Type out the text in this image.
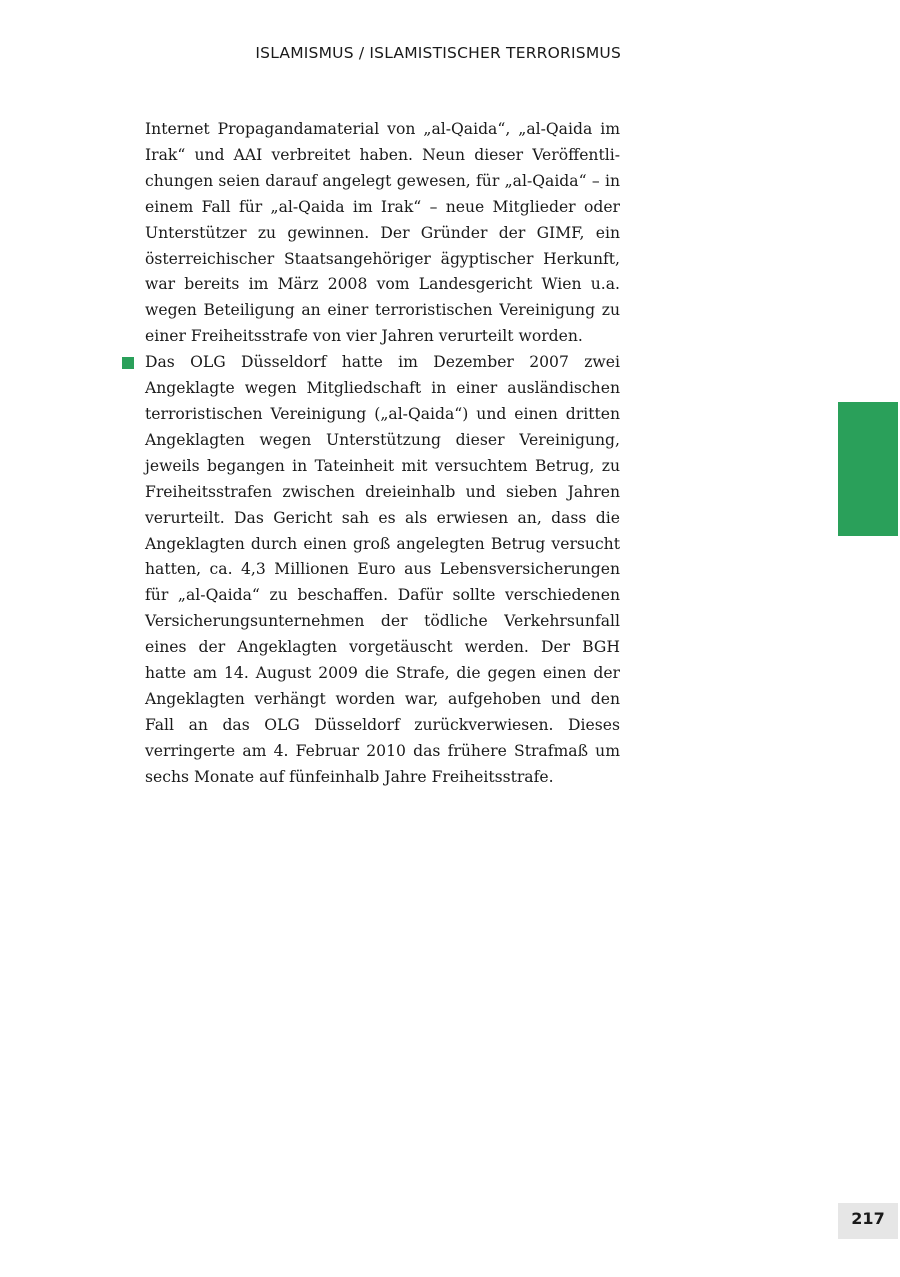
ISLAMISMUS / ISLAMISTISCHER TERRORISMUS

Internet Propagandamaterial von „al-Qaida“, „al-Qaida im Irak“ und AAI verbreitet haben. Neun dieser Veröffentlichungen seien darauf angelegt gewesen, für „al-Qaida“ – in einem Fall für „al-Qaida im Irak“ – neue Mitglieder oder Unterstützer zu gewinnen. Der Gründer der GIMF, ein österreichischer Staatsangehöriger ägyptischer Herkunft, war bereits im März 2008 vom Landesgericht Wien u.a. wegen Beteiligung an einer terroristischen Vereinigung zu einer Freiheitsstrafe von vier Jahren verurteilt worden.

Das OLG Düsseldorf hatte im Dezember 2007 zwei Angeklagte wegen Mitgliedschaft in einer ausländischen terroristischen Vereinigung („al-Qaida“) und einen dritten Angeklagten wegen Unterstützung dieser Vereinigung, jeweils begangen in Tateinheit mit versuchtem Betrug, zu Freiheitsstrafen zwischen dreieinhalb und sieben Jahren verurteilt. Das Gericht sah es als erwiesen an, dass die Angeklagten durch einen groß angelegten Betrug versucht hatten, ca. 4,3 Millionen Euro aus Lebensversicherungen für „al-Qaida“ zu beschaffen. Dafür sollte verschiedenen Versicherungsunternehmen der tödliche Verkehrsunfall eines der Angeklagten vorgetäuscht werden. Der BGH hatte am 14. August 2009 die Strafe, die gegen einen der Angeklagten verhängt worden war, aufgehoben und den Fall an das OLG Düsseldorf zurückverwiesen. Dieses verringerte am 4. Februar 2010 das frühere Strafmaß um sechs Monate auf fünfeinhalb Jahre Freiheitsstrafe.

217
